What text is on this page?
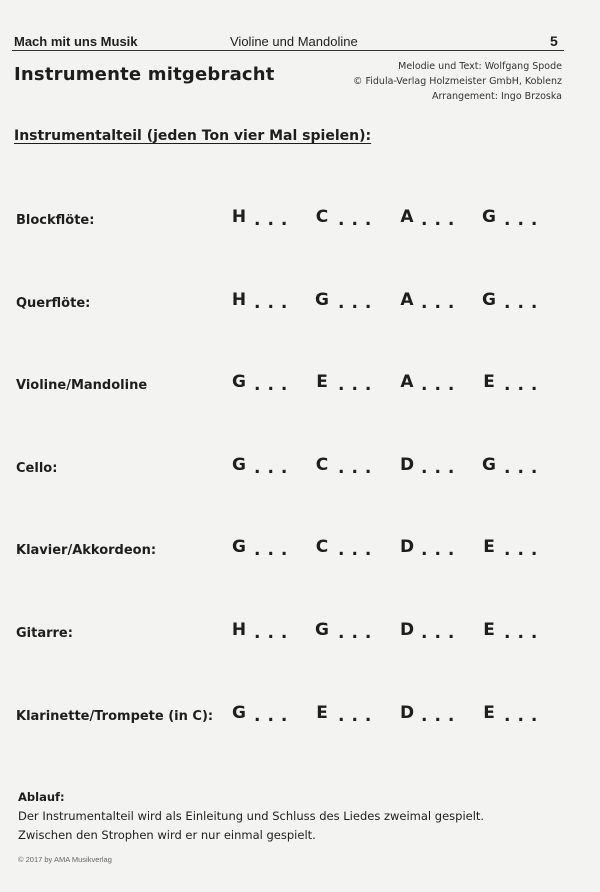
Mach mit uns Musik	Violine und Mandoline	5
Instrumente mitgebracht	Melodie und Text: Wolfgang Spode
© Fidula-Verlag Holzmeister GmbH, Koblenz
Arrangement: Ingo Brzoska
Instrumentalteil (jeden Ton vier Mal spielen):
Blockflöte:	H ... C ... A ... G ...
Querflöte:	H ... G ... A ... G ...
Violine/Mandoline	G ... E ... A ... E ...
Cello:	G ... C ... D ... G ...
Klavier/Akkordeon:	G ... C ... D ... E ...
Gitarre:	H ... G ... D ... E ...
Klarinette/Trompete (in C): G ... E ... D ... E ...
Ablauf:
Der Instrumentalteil wird als Einleitung und Schluss des Liedes zweimal gespielt.
Zwischen den Strophen wird er nur einmal gespielt.
© 2017 by AMA Musikverlag
